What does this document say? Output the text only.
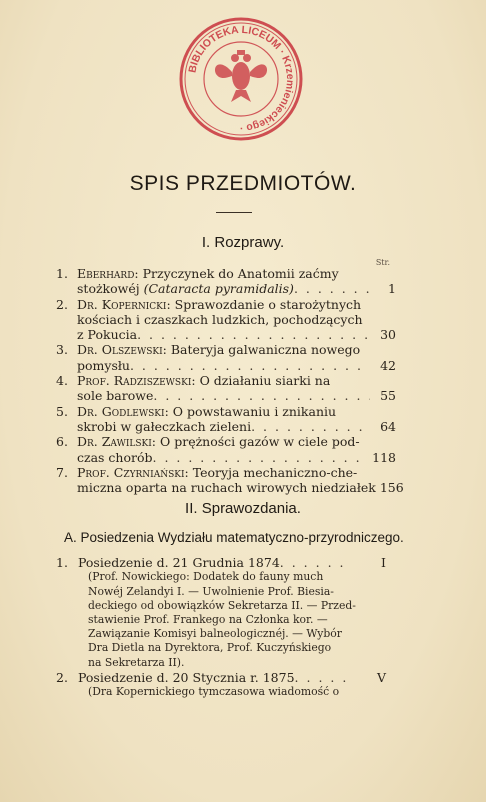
BIBLIOTEKA LICEUM · Krzemienieckiego ·
SPIS PRZEDMIOTÓW.
I. Rozprawy.
Str.
1. Eberhard: Przyczynek do Anatomii zaćmy
stożkowéj (Cataracta pyramidalis) . . .	1
2. Dr. Kopernicki: Sprawozdanie o starożytnych
kościach i czaszkach ludzkich, pochodzących
z Pokucia . . .	30
3. Dr. Olszewski: Bateryja galwaniczna nowego
pomysłu . . .	42
4. Prof. Radziszewski: O działaniu siarki na
sole barowe . . .	55
5. Dr. Godlewski: O powstawaniu i znikaniu
skrobi w gałeczkach zieleni . . .	64
6. Dr. Zawilski: O prężności gazów w ciele pod-
czas chorób . . .	118
7. Prof. Czyrniański: Teoryja mechaniczno-che-
miczna oparta na ruchach wirowych niedziałek 156
II. Sprawozdania.
A. Posiedzenia Wydziału matematyczno-przyrodniczego.
1. Posiedzenie d. 21 Grudnia 1874 . . .	I
(Prof. Nowickiego: Dodatek do fauny much
Nowéj Zelandyi I. — Uwolnienie Prof. Biesia-
deckiego od obowiązków Sekretarza II. — Przed-
stawienie Prof. Frankego na Członka kor. —
Zawiązanie Komisyi balneologicznéj. — Wybór
Dra Dietla na Dyrektora, Prof. Kuczyńskiego
na Sekretarza II).
2. Posiedzenie d. 20 Stycznia r. 1875 . . .	V
(Dra Kopernickiego tymczasowa wiadomość o
